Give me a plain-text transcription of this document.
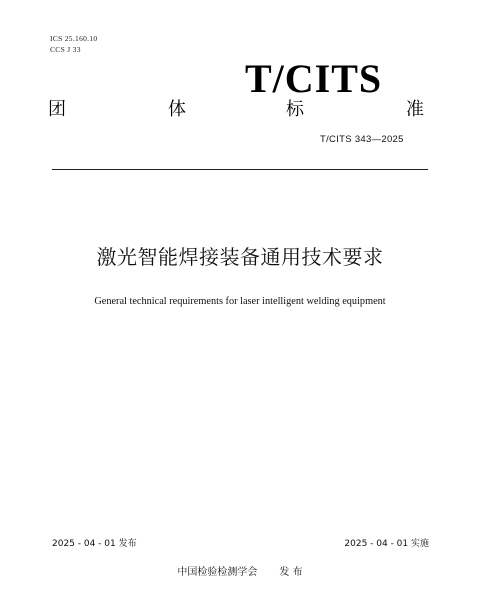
ICS 25.160.10
CCS J 33
T/CITS
团	体	标	准
T/CITS 343—2025
激光智能焊接装备通用技术要求
General technical requirements for laser intelligent welding equipment
2025 - 04 - 01 发布	2025 - 04 - 01 实施
中国检验检测学会 发 布
